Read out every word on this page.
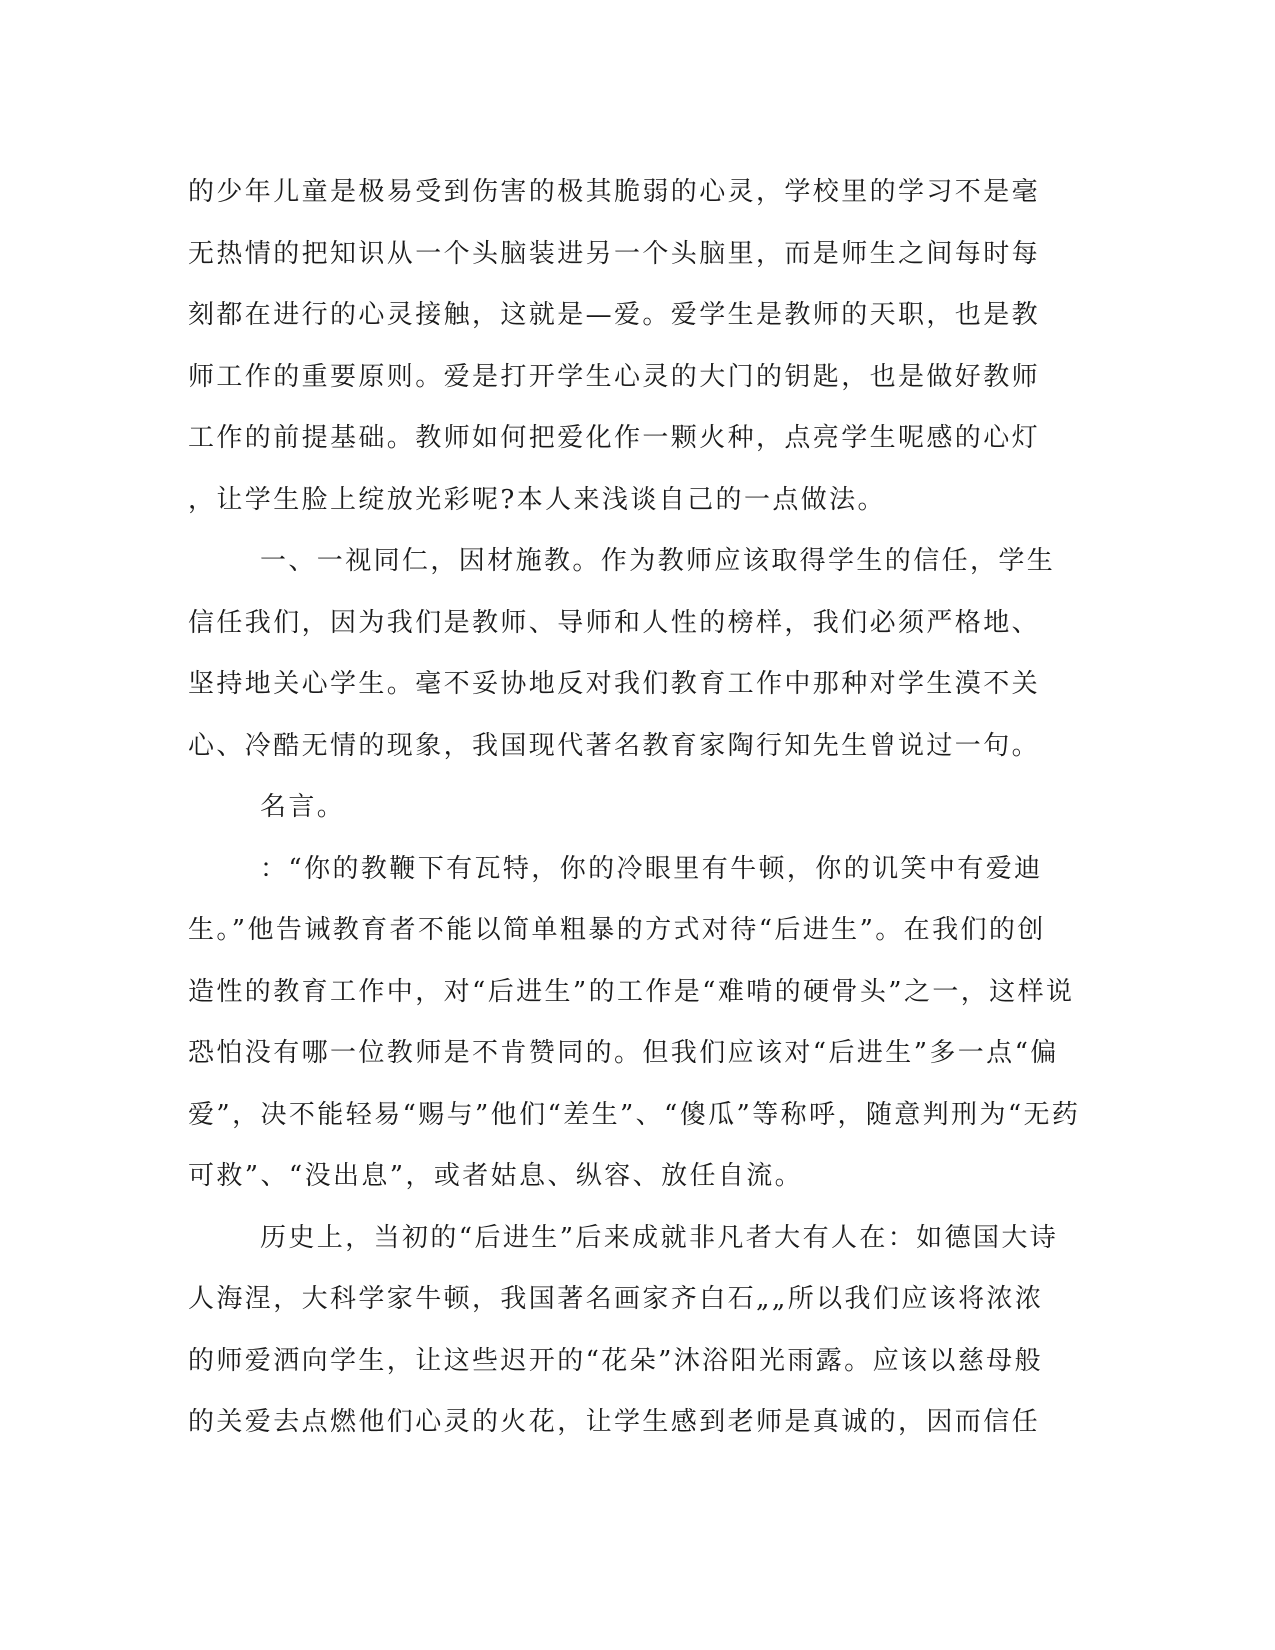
的少年儿童是极易受到伤害的极其脆弱的心灵，学校里的学习不是毫
无热情的把知识从一个头脑装进另一个头脑里，而是师生之间每时每
刻都在进行的心灵接触，这就是—爱。爱学生是教师的天职，也是教
师工作的重要原则。爱是打开学生心灵的大门的钥匙，也是做好教师
工作的前提基础。教师如何把爱化作一颗火种，点亮学生呢感的心灯
，让学生脸上绽放光彩呢?本人来浅谈自己的一点做法。
一、一视同仁，因材施教。作为教师应该取得学生的信任，学生
信任我们，因为我们是教师、导师和人性的榜样，我们必须严格地、
坚持地关心学生。毫不妥协地反对我们教育工作中那种对学生漠不关
心、冷酷无情的现象，我国现代著名教育家陶行知先生曾说过一句。
名言。
：“你的教鞭下有瓦特，你的冷眼里有牛顿，你的讥笑中有爱迪
生。”他告诫教育者不能以简单粗暴的方式对待“后进生”。在我们的创
造性的教育工作中，对“后进生”的工作是“难啃的硬骨头”之一，这样说
恐怕没有哪一位教师是不肯赞同的。但我们应该对“后进生”多一点“偏
爱”，决不能轻易“赐与”他们“差生”、“傻瓜”等称呼，随意判刑为“无药
可救”、“没出息”，或者姑息、纵容、放任自流。
历史上，当初的“后进生”后来成就非凡者大有人在：如德国大诗
人海涅，大科学家牛顿，我国著名画家齐白石„„所以我们应该将浓浓
的师爱洒向学生，让这些迟开的“花朵”沐浴阳光雨露。应该以慈母般
的关爱去点燃他们心灵的火花，让学生感到老师是真诚的，因而信任
